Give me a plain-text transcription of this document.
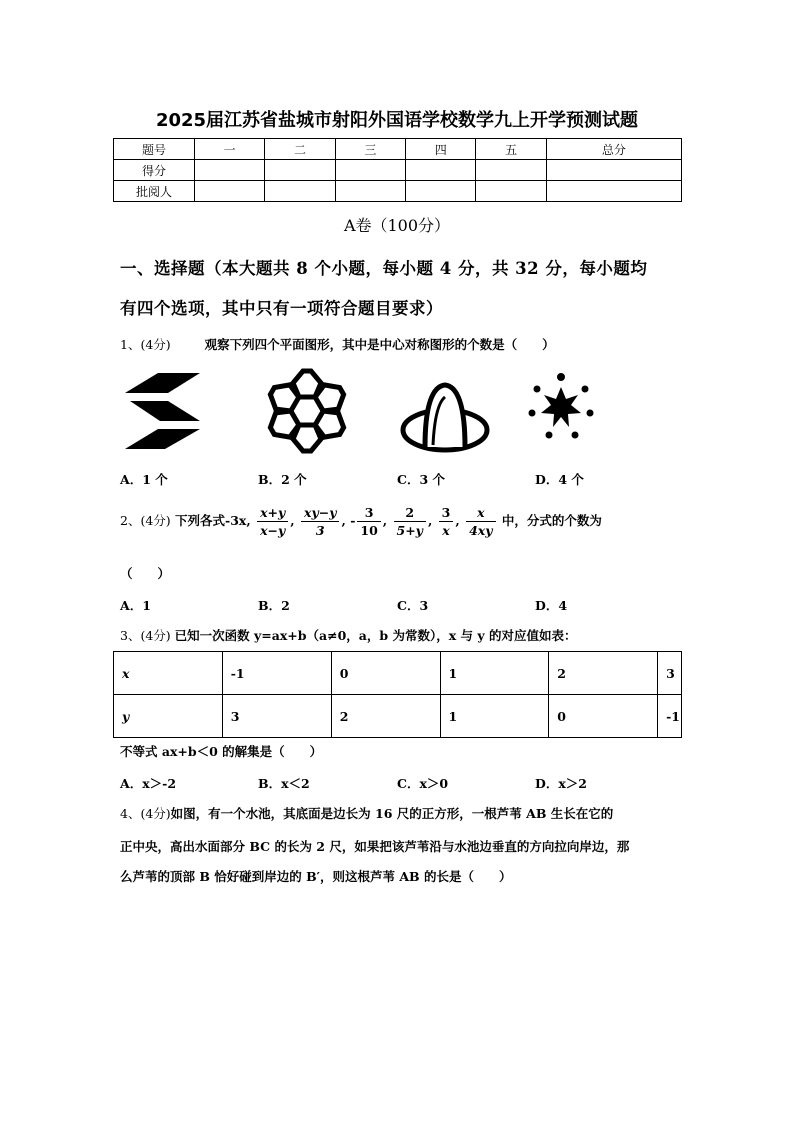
2025届江苏省盐城市射阳外国语学校数学九上开学预测试题
题号	一	二	三	四	五	总分
得分						
批阅人						
A卷（100分）
一、选择题（本大题共 8 个小题，每小题 4 分，共 32 分，每小题均
有四个选项，其中只有一项符合题目要求）
1、(4分)	观察下列四个平面图形，其中是中心对称图形的个数是（　　）
A．1 个	B．2 个	C．3 个	D．4 个
2、(4分) 下列各式-3x, $\frac{x+y}{x-y}$ , $\frac{xy-y}{3}$ , - $\frac{3}{10}$ , $\frac{2}{5+y}$ , $\frac{3}{x}$ , $\frac{x}{4xy}$ 中，分式的个数为
（　　）
A．1	B．2	C．3	D．4
3、(4分) 已知一次函数 y=ax+b（a≠0，a，b 为常数），x 与 y 的对应值如表：
x	-1	0	1	2	3
y	3	2	1	0	-1
不等式 ax+b＜0 的解集是（　　）
A．x＞-2	B．x＜2	C．x＞0	D．x＞2
4、(4分)如图，有一个水池，其底面是边长为 16 尺的正方形，一根芦苇 AB 生长在它的
正中央，高出水面部分 BC 的长为 2 尺，如果把该芦苇沿与水池边垂直的方向拉向岸边，那
么芦苇的顶部 B 恰好碰到岸边的 B′，则这根芦苇 AB 的长是（　　）
